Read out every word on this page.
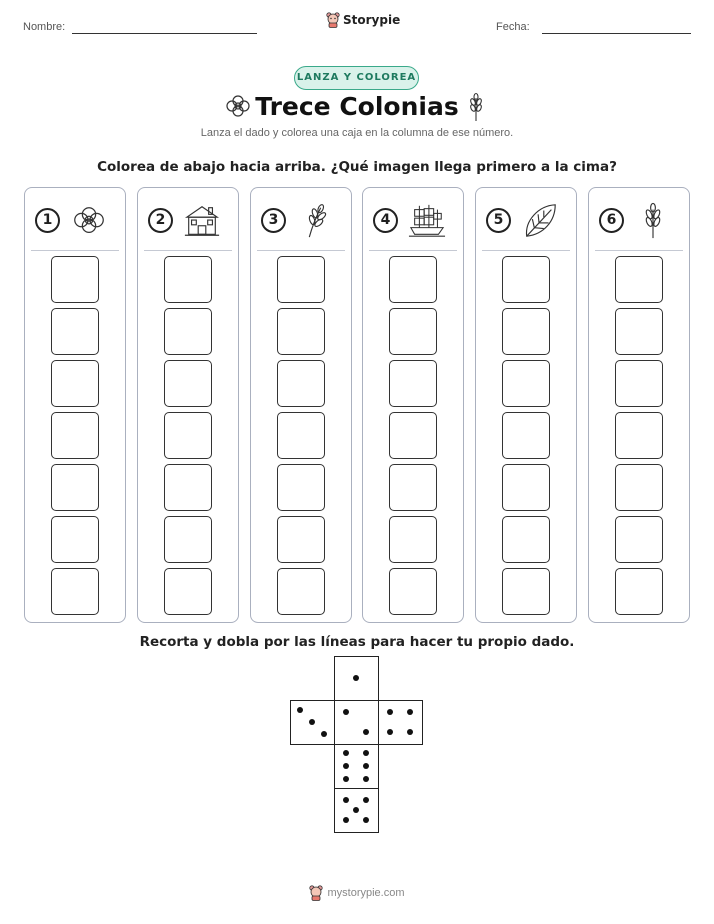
Nombre:	Storypie	Fecha:
LANZA Y COLOREA
Trece Colonias
Lanza el dado y colorea una caja en la columna de ese número.
Colorea de abajo hacia arriba. ¿Qué imagen llega primero a la cima?
1	2	3	4	5	6
Recorta y dobla por las líneas para hacer tu propio dado.
mystorypie.com
